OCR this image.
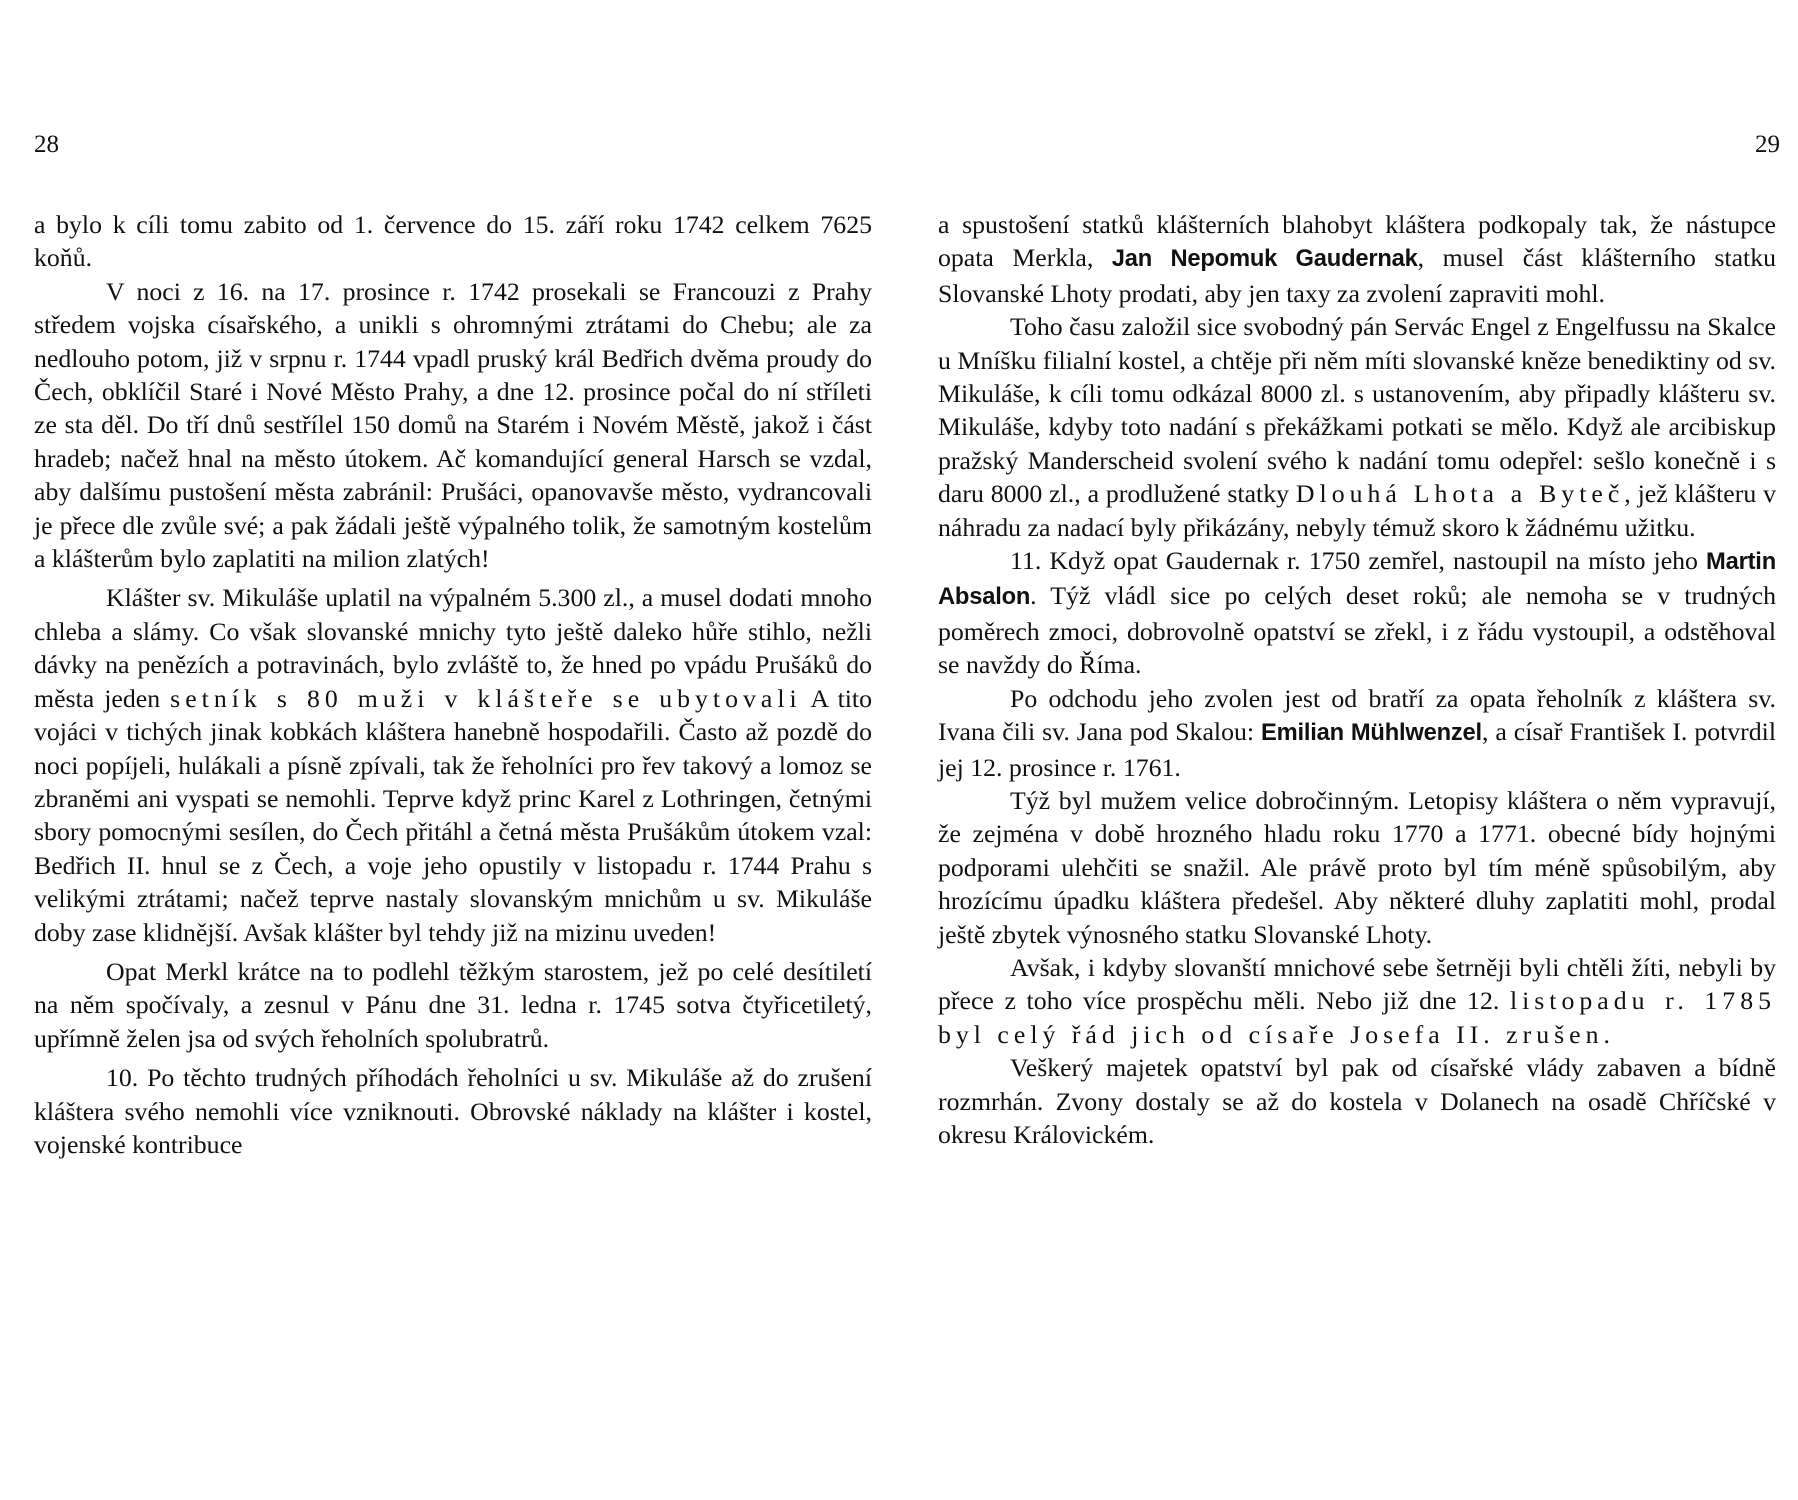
28	29

a bylo k cíli tomu zabito od 1. července do 15. září roku 1742 celkem 7625 koňů.

V noci z 16. na 17. prosince r. 1742 prosekali se Francouzi z Prahy středem vojska císařského, a unikli s ohromnými ztrátami do Chebu; ale za nedlouho potom, již v srpnu r. 1744 vpadl pruský král Bedřich dvěma proudy do Čech, obklíčil Staré i Nové Město Prahy, a dne 12. prosince počal do ní střílеti ze sta děl. Do tří dnů sestřílel 150 domů na Starém i Novém Městě, jakož i část hradeb; načež hnal na město útokem. Ač komandující general Harsch se vzdal, aby dalšímu pustošení města zabránil: Prušáci, opanovavše město, vydrancovali je přece dle zvůle své; a pak žádali ještě výpalného tolik, že samotným kostelům a klášterům bylo zaplatiti na milion zlatých!

Klášter sv. Mikuláše uplatil na výpalném 5.300 zl., a musel dodati mnoho chleba a slámy. Co však slovanské mnichy tyto ještě daleko hůře stihlo, nežli dávky na penězích a potravinách, bylo zvláště to, že hned po vpádu Prušáků do města jeden setník s 80 muži v klášteře se ubytovali A tito vojáci v tichých jinak kobkách kláštera hanebně hospodařili. Často až pozdě do noci popíjeli, hulákali a písně zpívali, tak že řeholníci pro řev takový a lomoz se zbraněmi ani vyspati se nemohli. Teprve když princ Karel z Lothringen, četnými sbory pomocnými sesílen, do Čech přitáhl a četná města Prušákům útokem vzal: Bedřich II. hnul se z Čech, a voje jeho opustily v listopadu r. 1744 Prahu s velikými ztrátami; načež teprve nastaly slovanským mnichům u sv. Mikuláše doby zase klidnější. Avšak klášter byl tehdy již na mizinu uveden!

Opat Merkl krátce na to podlehl těžkým starostem, jež po celé desítiletí na něm spočívaly, a zesnul v Pánu dne 31. ledna r. 1745 sotva čtyřicetiletý, upřímně želen jsa od svých řeholních spolubratrů.

10. Po těchto trudných příhodách řeholníci u sv. Mikuláše až do zrušení kláštera svého nemohli více vzniknouti. Obrovské náklady na klášter i kostel, vojenské kontribuce

a spustošení statků klášterních blahobyt kláštera podkopaly tak, že nástupce opata Merkla, Jan Nepomuk Gaudernak, musel část klášterního statku Slovanské Lhoty prodati, aby jen taxy za zvolení zapraviti mohl.

Toho času založil sice svobodný pán Servác Engel z Engelfussu na Skalce u Mníšku filialní kostel, a chtěje při něm míti slovanské kněze benediktiny od sv. Mikuláše, k cíli tomu odkázal 8000 zl. s ustanovením, aby připadly klášteru sv. Mikuláše, kdyby toto nadání s překážkami potkati se mělo. Když ale arcibiskup pražský Manderscheid svolení svého k nadání tomu odepřel: sešlo konečně i s daru 8000 zl., a prodlužené statky Dlouhá Lhota a Byteč, jež klášteru v náhradu za nadací byly přikázány, nebyly témuž skoro k žádnému užitku.

11. Když opat Gaudernak r. 1750 zemřel, nastoupil na místo jeho Martin Absalon. Týž vládl sice po celých deset roků; ale nemoha se v trudných poměrech zmoci, dobrovolně opatství se zřekl, i z řádu vystoupil, a odstěhoval se navždy do Říma.

Po odchodu jeho zvolen jest od bratří za opata řeholník z kláštera sv. Ivana čili sv. Jana pod Skalou: Emilian Mühlwenzel, a císař František I. potvrdil jej 12. prosince r. 1761.

Týž byl mužem velice dobročinným. Letopisy kláštera o něm vypravují, že zejména v době hrozného hladu roku 1770 a 1771. obecné bídy hojnými podporami ulehčiti se snažil. Ale právě proto byl tím méně spůsobilým, aby hrozícímu úpadku kláštera předešel. Aby některé dluhy zaplatiti mohl, prodal ještě zbytek výnosného statku Slovanské Lhoty.

Avšak, i kdyby slovanští mnichové sebe šetrněji byli chtěli žíti, nebyli by přece z toho více prospěchu měli. Nebo již dne 12. listopadu r. 1785 byl celý řád jich od císaře Josefa II. zrušen.

Veškerý majetek opatství byl pak od císařské vlády zabaven a bídně rozmrhán. Zvony dostaly se až do kostela v Dolanech na osadě Chříčské v okresu Královickém.
